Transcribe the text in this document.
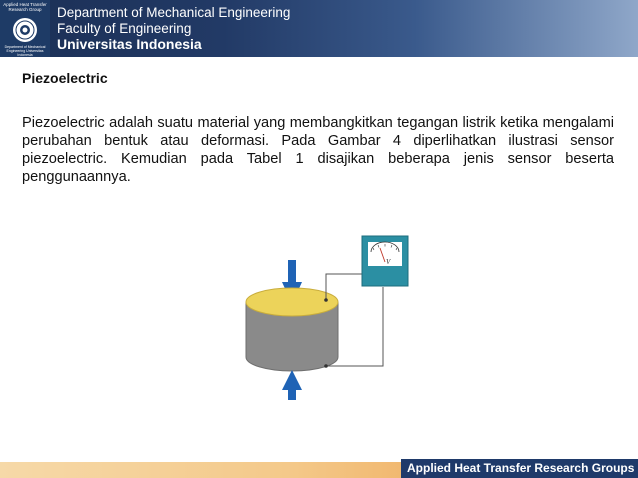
Applied Heat Transfer Research Group
Department of Mechanical Engineering Universitas Indonesia
Department of Mechanical Engineering
Faculty of Engineering
Universitas Indonesia
Piezoelectric
Piezoelectric adalah suatu material yang membangkitkan tegangan listrik ketika mengalami perubahan bentuk atau deformasi. Pada Gambar 4 diperlihatkan ilustrasi sensor piezoelectric. Kemudian pada Tabel 1 disajikan beberapa jenis sensor beserta penggunaannya.
V
Applied Heat Transfer Research Groups
